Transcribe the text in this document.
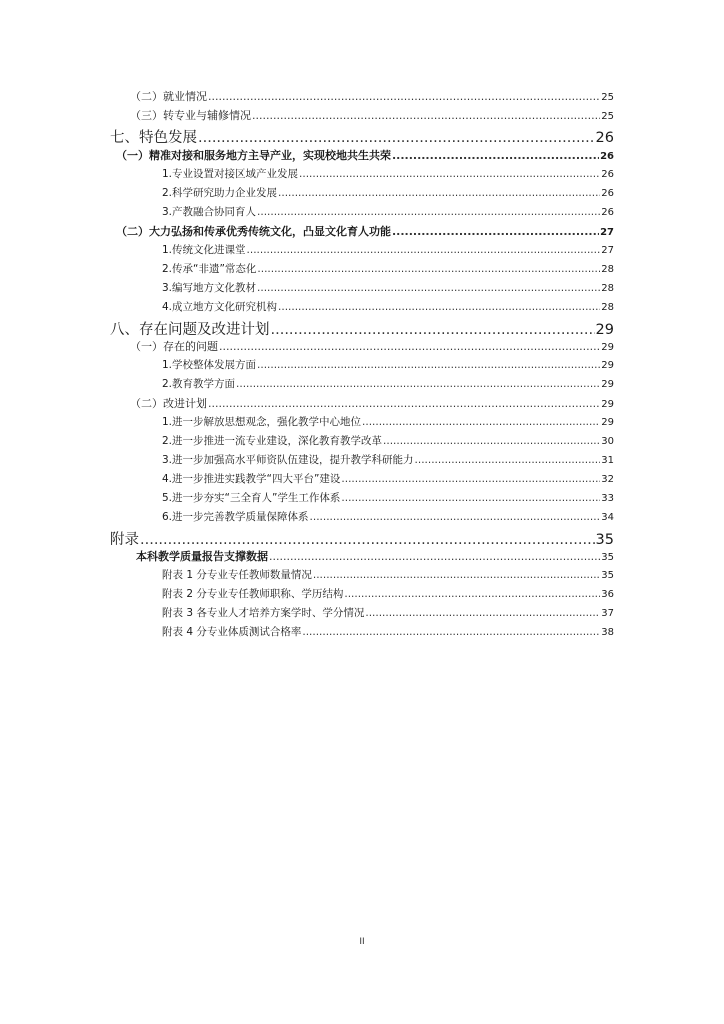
（二）就业情况 .....	25
（三）转专业与辅修情况 .....	25
七、特色发展 .....	26
（一）精准对接和服务地方主导产业，实现校地共生共荣 .....	26
1.专业设置对接区域产业发展 .....	26
2.科学研究助力企业发展 .....	26
3.产教融合协同育人 .....	26
（二）大力弘扬和传承优秀传统文化，凸显文化育人功能 .....	27
1.传统文化进课堂 .....	27
2.传承“非遗”常态化 .....	28
3.编写地方文化教材 .....	28
4.成立地方文化研究机构 .....	28
八、存在问题及改进计划 .....	29
（一）存在的问题 .....	29
1.学校整体发展方面 .....	29
2.教育教学方面 .....	29
（二）改进计划 .....	29
1.进一步解放思想观念，强化教学中心地位 .....	29
2.进一步推进一流专业建设，深化教育教学改革 .....	30
3.进一步加强高水平师资队伍建设，提升教学科研能力 .....	31
4.进一步推进实践教学“四大平台”建设 .....	32
5.进一步夯实“三全育人”学生工作体系 .....	33
6.进一步完善教学质量保障体系 .....	34
附录 .....	35
本科教学质量报告支撑数据 .....	35
附表 1 分专业专任教师数量情况 .....	35
附表 2 分专业专任教师职称、学历结构 .....	36
附表 3 各专业人才培养方案学时、学分情况 .....	37
附表 4 分专业体质测试合格率 .....	38
II
